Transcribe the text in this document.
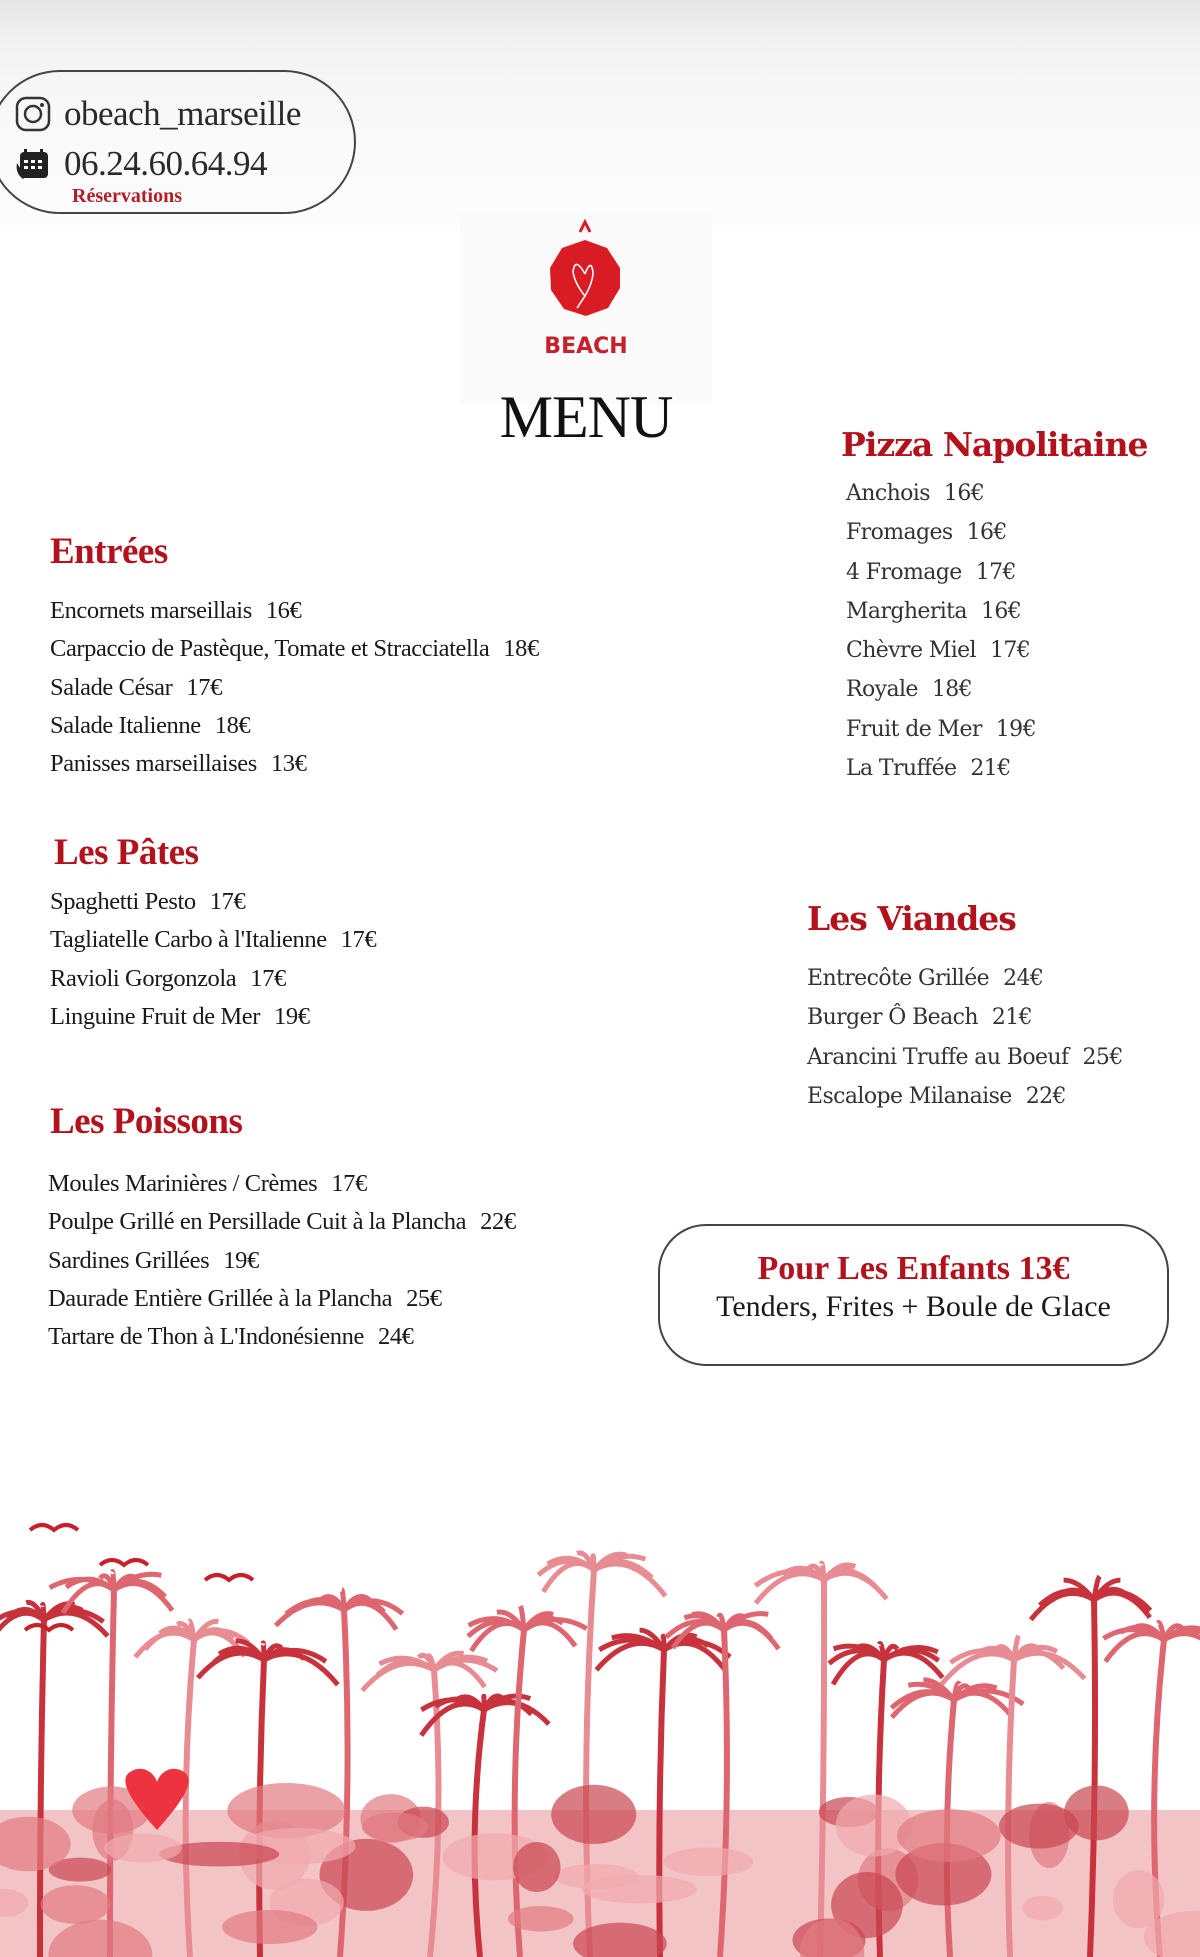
obeach_marseille
06.24.60.64.94
Réservations
BEACH
MENU
Entrées
Encornets marseillais 16€
Carpaccio de Pastèque, Tomate et Stracciatella 18€
Salade César 17€
Salade Italienne 18€
Panisses marseillaises 13€
Les Pâtes
Spaghetti Pesto 17€
Tagliatelle Carbo à l'Italienne 17€
Ravioli Gorgonzola 17€
Linguine Fruit de Mer 19€
Les Poissons
Moules Marinières / Crèmes 17€
Poulpe Grillé en Persillade Cuit à la Plancha 22€
Sardines Grillées 19€
Daurade Entière Grillée à la Plancha 25€
Tartare de Thon à L'Indonésienne 24€
Pizza Napolitaine
Anchois 16€
Fromages 16€
4 Fromage 17€
Margherita 16€
Chèvre Miel 17€
Royale 18€
Fruit de Mer 19€
La Truffée 21€
Les Viandes
Entrecôte Grillée 24€
Burger Ô Beach 21€
Arancini Truffe au Boeuf 25€
Escalope Milanaise 22€
Pour Les Enfants 13€
Tenders, Frites + Boule de Glace
